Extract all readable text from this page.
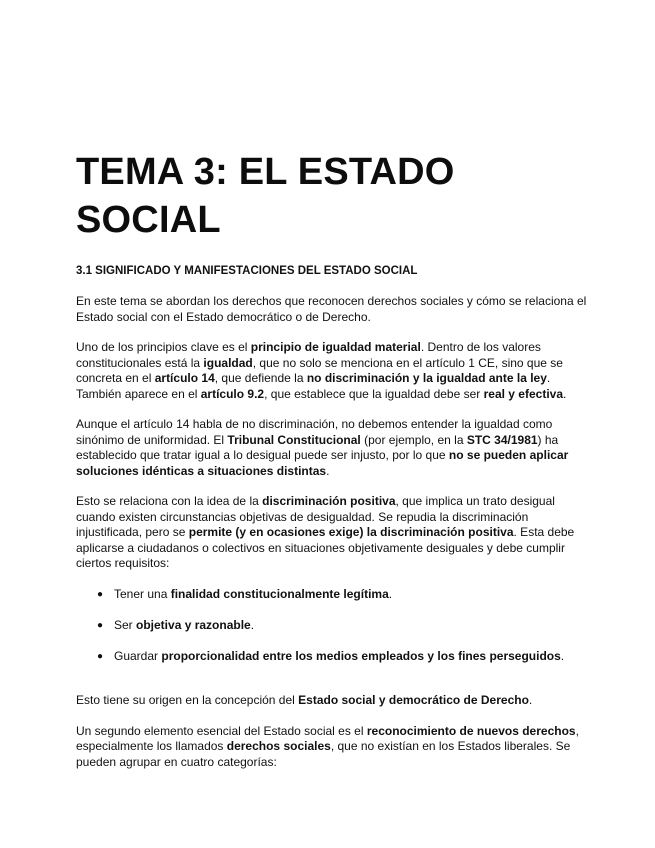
TEMA 3: EL ESTADO SOCIAL
3.1 SIGNIFICADO Y MANIFESTACIONES DEL ESTADO SOCIAL

En este tema se abordan los derechos que reconocen derechos sociales y cómo se relaciona el Estado social con el Estado democrático o de Derecho.

Uno de los principios clave es el principio de igualdad material. Dentro de los valores constitucionales está la igualdad, que no solo se menciona en el artículo 1 CE, sino que se concreta en el artículo 14, que defiende la no discriminación y la igualdad ante la ley. También aparece en el artículo 9.2, que establece que la igualdad debe ser real y efectiva.

Aunque el artículo 14 habla de no discriminación, no debemos entender la igualdad como sinónimo de uniformidad. El Tribunal Constitucional (por ejemplo, en la STC 34/1981) ha establecido que tratar igual a lo desigual puede ser injusto, por lo que no se pueden aplicar soluciones idénticas a situaciones distintas.

Esto se relaciona con la idea de la discriminación positiva, que implica un trato desigual cuando existen circunstancias objetivas de desigualdad. Se repudia la discriminación injustificada, pero se permite (y en ocasiones exige) la discriminación positiva. Esta debe aplicarse a ciudadanos o colectivos en situaciones objetivamente desiguales y debe cumplir ciertos requisitos:

● Tener una finalidad constitucionalmente legítima.
● Ser objetiva y razonable.
● Guardar proporcionalidad entre los medios empleados y los fines perseguidos.

Esto tiene su origen en la concepción del Estado social y democrático de Derecho.

Un segundo elemento esencial del Estado social es el reconocimiento de nuevos derechos, especialmente los llamados derechos sociales, que no existían en los Estados liberales. Se pueden agrupar en cuatro categorías:
